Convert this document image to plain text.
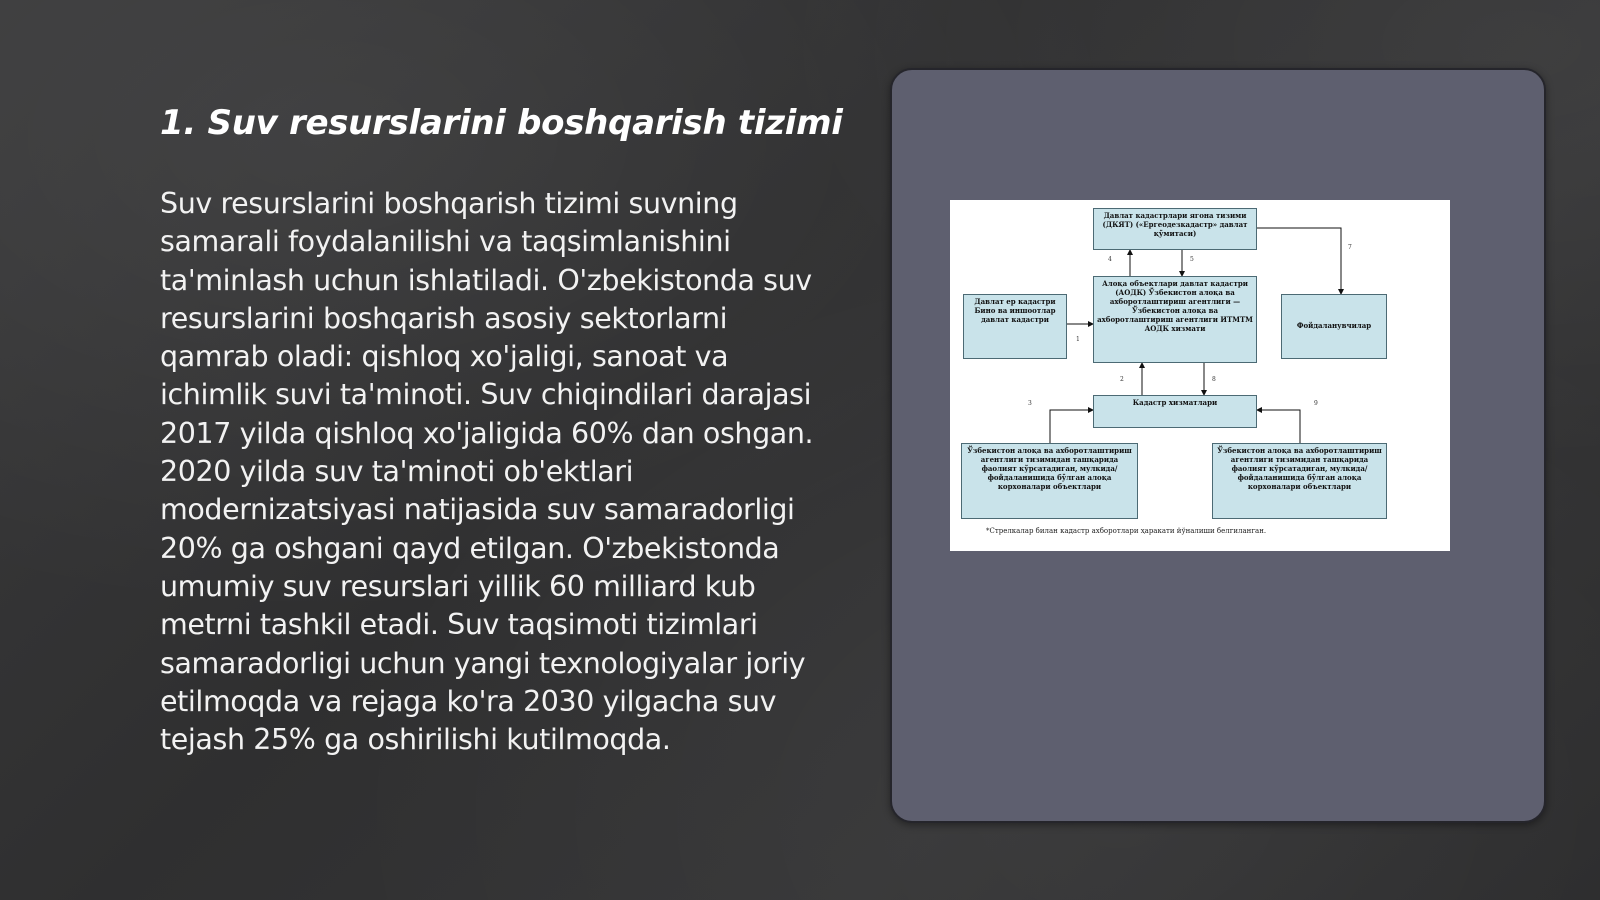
1. Suv resurslarini boshqarish tizimi

Suv resurslarini boshqarish tizimi suvning samarali foydalanilishi va taqsimlanishini ta'minlash uchun ishlatiladi. O'zbekistonda suv resurslarini boshqarish asosiy sektorlarni qamrab oladi: qishloq xo'jaligi, sanoat va ichimlik suvi ta'minoti. Suv chiqindilari darajasi 2017 yilda qishloq xo'jaligida 60% dan oshgan. 2020 yilda suv ta'minoti ob'ektlari modernizatsiyasi natijasida suv samaradorligi 20% ga oshgani qayd etilgan. O'zbekistonda umumiy suv resurslari yillik 60 milliard kub metrni tashkil etadi. Suv taqsimoti tizimlari samaradorligi uchun yangi texnologiyalar joriy etilmoqda va rejaga ko'ra 2030 yilgacha suv tejash 25% ga oshirilishi kutilmoqda.

Давлат кадастрлари ягона тизими (ДКЯТ) («Ергеодезкадастр» давлат қўмитаси)
Давлат ер кадастри Бино ва иншоотлар давлат кадастри
Алоқа объектлари давлат кадастри (АОДК) Ўзбекистон алоқа ва ахборотлаштириш агентлиги — Ўзбекистон алоқа ва ахборотлаштириш агентлиги ИТМТМ АОДК хизмати	Фойдаланувчилар
Кадастр хизматлари
Ўзбекистон алоқа ва ахборотлаштириш агентлиги тизимидан ташқарида фаолият кўрсатадиган, мулкида/ фойдаланишида бўлган алоқа корхоналари объектлари
Ўзбекистон алоқа ва ахборотлаштириш агентлиги тизимидан ташқарида фаолият кўрсатадиган, мулкида/фойдаланишида бўлган алоқа корхоналари объектлари
4	5
7
1
2	8
3	9
*Стрелкалар билан кадастр ахборотлари ҳаракати йўналиши белгиланган.
